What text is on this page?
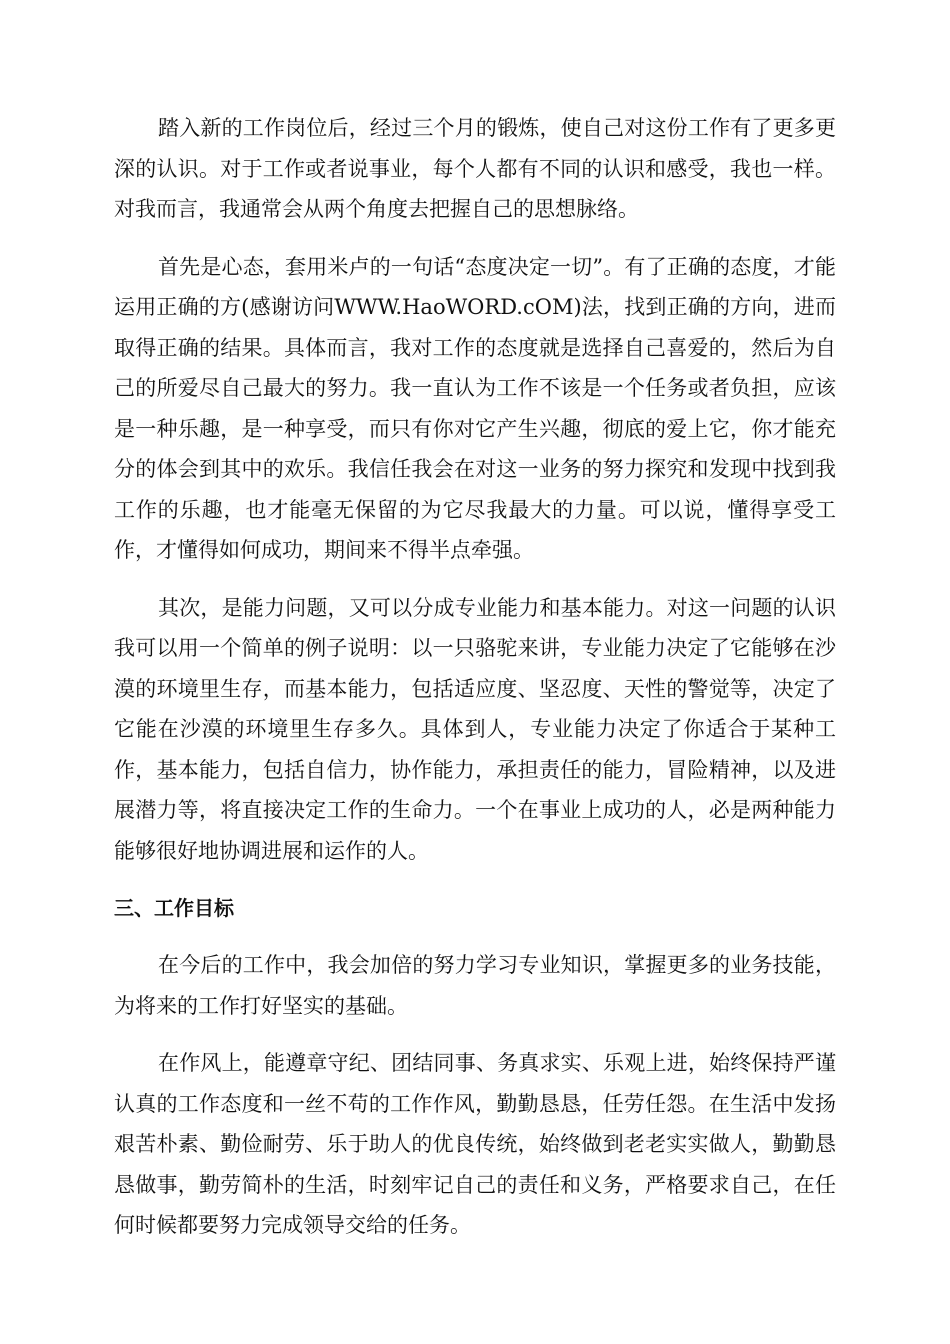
踏入新的工作岗位后，经过三个月的锻炼，使自己对这份工作有了更多更深的认识。对于工作或者说事业，每个人都有不同的认识和感受，我也一样。对我而言，我通常会从两个角度去把握自己的思想脉络。

首先是心态，套用米卢的一句话“态度决定一切”。有了正确的态度，才能运用正确的方(感谢访问WWW.HaoWORD.cOM)法，找到正确的方向，进而取得正确的结果。具体而言，我对工作的态度就是选择自己喜爱的，然后为自己的所爱尽自己最大的努力。我一直认为工作不该是一个任务或者负担，应该是一种乐趣，是一种享受，而只有你对它产生兴趣，彻底的爱上它，你才能充分的体会到其中的欢乐。我信任我会在对这一业务的努力探究和发现中找到我工作的乐趣，也才能毫无保留的为它尽我最大的力量。可以说，懂得享受工作，才懂得如何成功，期间来不得半点牵强。

其次，是能力问题，又可以分成专业能力和基本能力。对这一问题的认识我可以用一个简单的例子说明：以一只骆驼来讲，专业能力决定了它能够在沙漠的环境里生存，而基本能力，包括适应度、坚忍度、天性的警觉等，决定了它能在沙漠的环境里生存多久。具体到人，专业能力决定了你适合于某种工作，基本能力，包括自信力，协作能力，承担责任的能力，冒险精神，以及进展潜力等，将直接决定工作的生命力。一个在事业上成功的人，必是两种能力能够很好地协调进展和运作的人。

三、工作目标

在今后的工作中，我会加倍的努力学习专业知识，掌握更多的业务技能，为将来的工作打好坚实的基础。

在作风上，能遵章守纪、团结同事、务真求实、乐观上进，始终保持严谨认真的工作态度和一丝不苟的工作作风，勤勤恳恳，任劳任怨。在生活中发扬艰苦朴素、勤俭耐劳、乐于助人的优良传统，始终做到老老实实做人，勤勤恳恳做事，勤劳简朴的生活，时刻牢记自己的责任和义务，严格要求自己，在任何时候都要努力完成领导交给的任务。
